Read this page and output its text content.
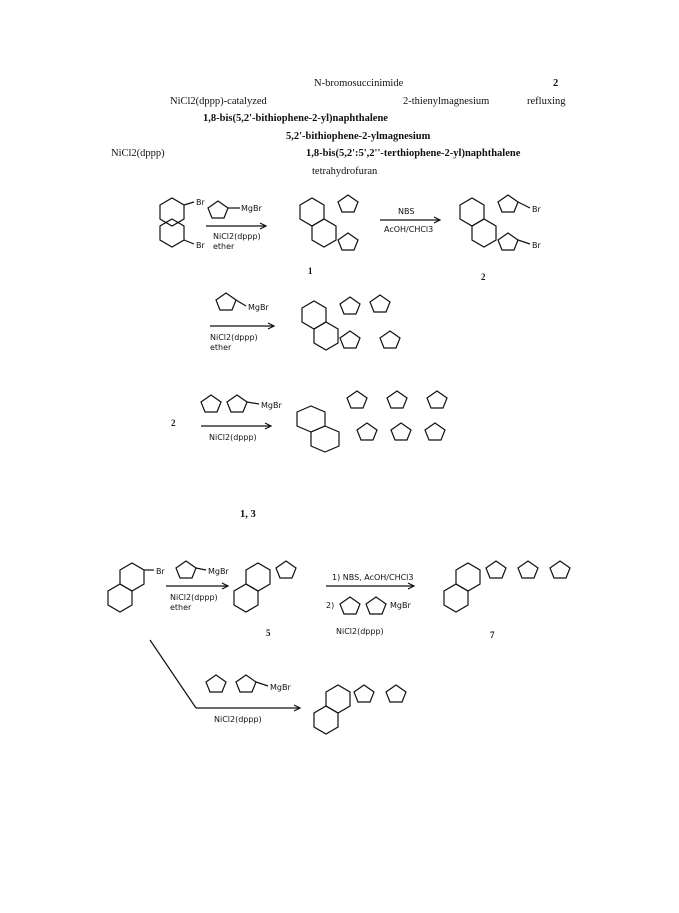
N-bromosuccinimide	2
NiCl2(dppp)-catalyzed	2-thienylmagnesium	refluxing
1,8-bis(5,2'-bithiophene-2-yl)naphthalene
5,2'-bithiophene-2-ylmagnesium
NiCl2(dppp)	1,8-bis(5,2':5',2''-terthiophene-2-yl)naphthalene
tetrahydrofuran
Br
Br
MgBr
NiCl2(dppp)
ether
1
NBS
AcOH/CHCl3
Br
Br
2
MgBr
NiCl2(dppp)
ether
2
MgBr
NiCl2(dppp)
1, 3
Br	MgBr
NiCl2(dppp)
ether
5
1) NBS, AcOH/CHCl3
2)	MgBr
NiCl2(dppp)	7
MgBr
NiCl2(dppp)
